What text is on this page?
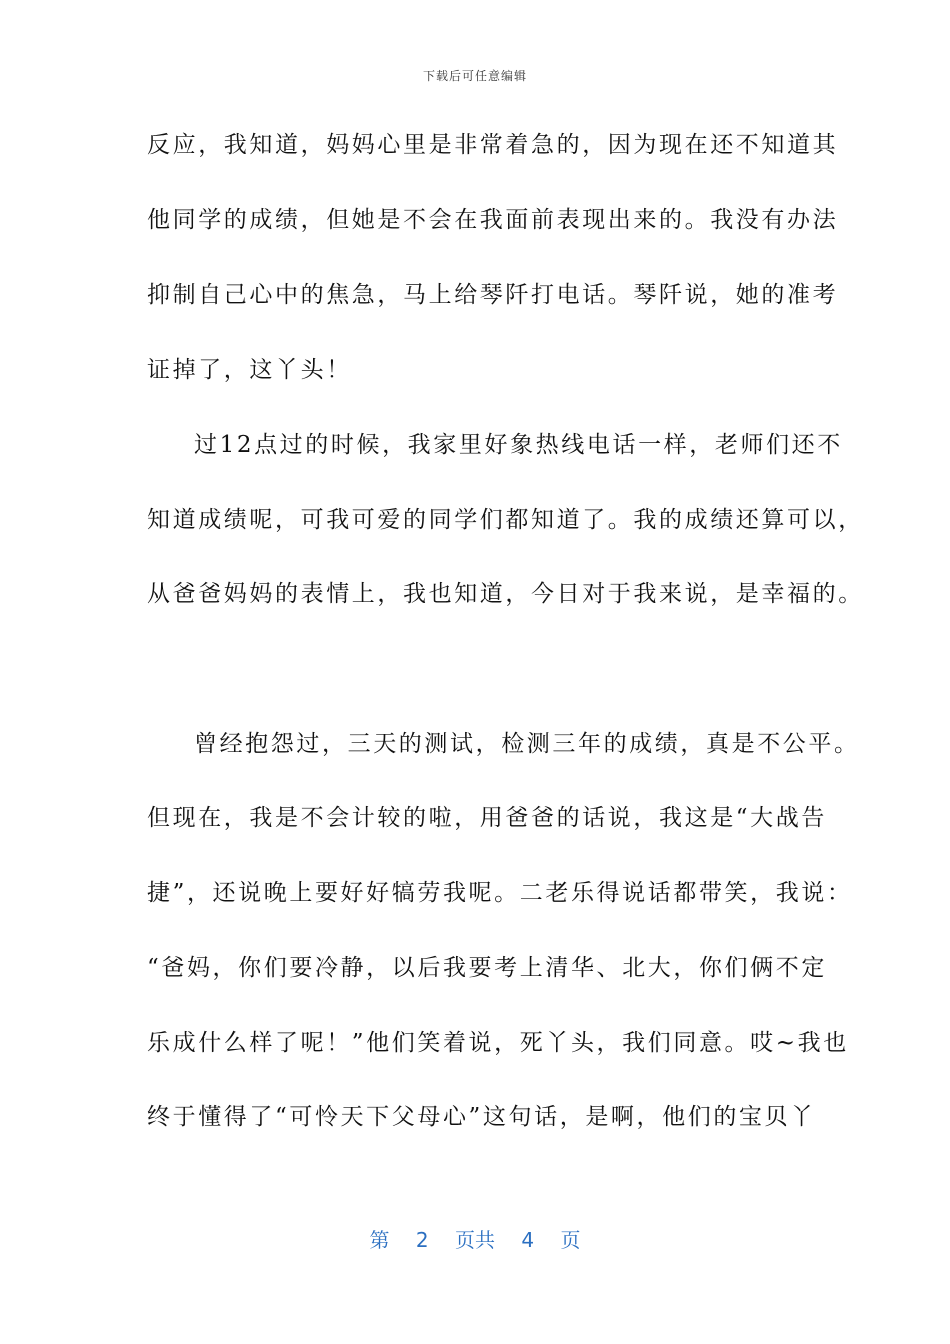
下载后可任意编辑
反应，我知道，妈妈心里是非常着急的，因为现在还不知道其
他同学的成绩，但她是不会在我面前表现出来的。我没有办法
抑制自己心中的焦急，马上给琴阡打电话。琴阡说，她的准考
证掉了，这丫头！
过12点过的时候，我家里好象热线电话一样，老师们还不
知道成绩呢，可我可爱的同学们都知道了。我的成绩还算可以，
从爸爸妈妈的表情上，我也知道，今日对于我来说，是幸福的。
曾经抱怨过，三天的测试，检测三年的成绩，真是不公平。
但现在，我是不会计较的啦，用爸爸的话说，我这是“大战告
捷”，还说晚上要好好犒劳我呢。二老乐得说话都带笑，我说：
“爸妈，你们要冷静，以后我要考上清华、北大，你们俩不定
乐成什么样了呢！”他们笑着说，死丫头，我们同意。哎~我也
终于懂得了“可怜天下父母心”这句话，是啊，他们的宝贝丫
第 2 页共 4 页
